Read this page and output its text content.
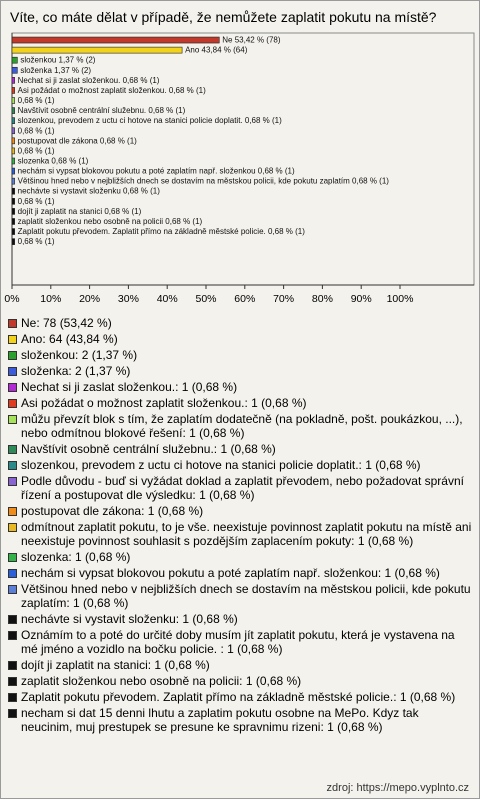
Víte, co máte dělat v případě, že nemůžete zaplatit pokutu na místě?
Ne 53,42 % (78)
Ano 43,84 % (64)
složenkou 1,37 % (2)
složenka 1,37 % (2)
Nechat si ji zaslat složenkou. 0,68 % (1)
Asi požádat o možnost zaplatit složenkou. 0,68 % (1)
0,68 % (1)
Navštívit osobně centrální služebnu. 0,68 % (1)
slozenkou, prevodem z uctu ci hotove na stanici policie doplatit. 0,68 % (1)
0,68 % (1)
postupovat dle zákona 0,68 % (1)
0,68 % (1)
slozenka 0,68 % (1)
nechám si vypsat blokovou pokutu a poté zaplatím např. složenkou 0,68 % (1)
Většinou hned nebo v nejbližších dnech se dostavím na městskou policii, kde pokutu zaplatím 0,68 % (1)
nechávte si vystavit složenku 0,68 % (1)
0,68 % (1)
dojít ji zaplatit na stanici 0,68 % (1)
zaplatit složenkou nebo osobně na policii 0,68 % (1)
Zaplatit pokutu převodem. Zaplatit přímo na základně městské policie. 0,68 % (1)
0,68 % (1)
0% 10% 20% 30% 40% 50% 60% 70% 80% 90% 100%
Ne: 78 (53,42 %)
Ano: 64 (43,84 %)
složenkou: 2 (1,37 %)
složenka: 2 (1,37 %)
Nechat si ji zaslat složenkou.: 1 (0,68 %)
Asi požádat o možnost zaplatit složenkou.: 1 (0,68 %)
můžu převzít blok s tím, že zaplatím dodatečně (na pokladně, pošt. poukázkou, ...), nebo odmítnou blokové řešení: 1 (0,68 %)
Navštívit osobně centrální služebnu.: 1 (0,68 %)
slozenkou, prevodem z uctu ci hotove na stanici policie doplatit.: 1 (0,68 %)
Podle důvodu - buď si vyžádat doklad a zaplatit převodem, nebo požadovat správní řízení a postupovat dle výsledku: 1 (0,68 %)
postupovat dle zákona: 1 (0,68 %)
odmítnout zaplatit pokutu, to je vše. neexistuje povinnost zaplatit pokutu na místě ani neexistuje povinnost souhlasit s pozdějším zaplacením pokuty: 1 (0,68 %)
slozenka: 1 (0,68 %)
nechám si vypsat blokovou pokutu a poté zaplatím např. složenkou: 1 (0,68 %)
Většinou hned nebo v nejbližších dnech se dostavím na městskou policii, kde pokutu zaplatím: 1 (0,68 %)
nechávte si vystavit složenku: 1 (0,68 %)
Oznámím to a poté do určité doby musím jít zaplatit pokutu, která je vystavena na mé jméno a vozidlo na bočku policie. : 1 (0,68 %)
dojít ji zaplatit na stanici: 1 (0,68 %)
zaplatit složenkou nebo osobně na policii: 1 (0,68 %)
Zaplatit pokutu převodem. Zaplatit přímo na základně městské policie.: 1 (0,68 %)
necham si dat 15 denni lhutu a zaplatim pokutu osobne na MePo. Kdyz tak neucinim, muj prestupek se presune ke spravnimu rizeni: 1 (0,68 %)
zdroj: https://mepo.vyplnto.cz
